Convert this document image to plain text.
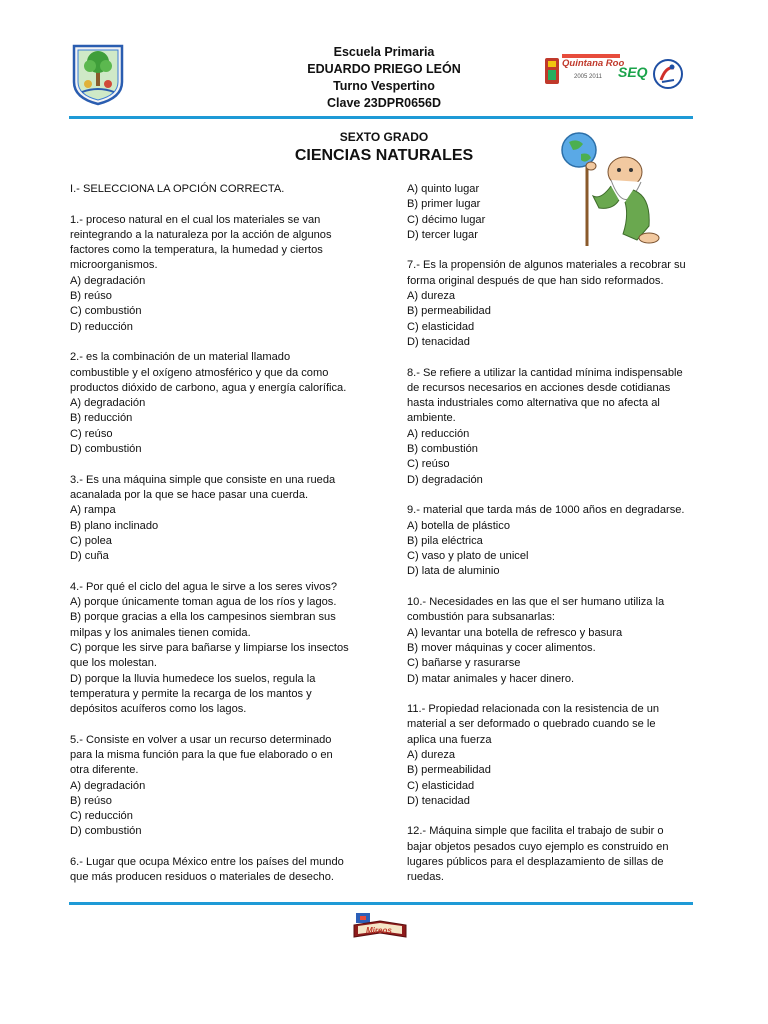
Escuela Primaria
EDUARDO PRIEGO LEÓN
Turno Vespertino
Clave 23DPR0656D
Quintana Roo
2005 2011 SEQ
SEXTO GRADO
CIENCIAS NATURALES

I.- SELECCIONA LA OPCIÓN CORRECTA.

1.- proceso natural en el cual los materiales se van
reintegrando a la naturaleza por la acción de algunos
factores como la temperatura, la humedad y ciertos
microorganismos.
A) degradación
B) reúso
C) combustión
D) reducción

2.- es la combinación de un material llamado
combustible y el oxígeno atmosférico y que da como
productos dióxido de carbono, agua y energía calorífica.
A) degradación
B) reducción
C) reúso
D) combustión

3.- Es una máquina simple que consiste en una rueda
acanalada por la que se hace pasar una cuerda.
A) rampa
B) plano inclinado
C) polea
D) cuña

4.- Por qué el ciclo del agua le sirve a los seres vivos?
A) porque únicamente toman agua de los ríos y lagos.
B) porque gracias a ella los campesinos siembran sus
milpas y los animales tienen comida.
C) porque les sirve para bañarse y limpiarse los insectos
que los molestan.
D) porque la lluvia humedece los suelos, regula la
temperatura y permite la recarga de los mantos y
depósitos acuíferos como los lagos.

5.- Consiste en volver a usar un recurso determinado
para la misma función para la que fue elaborado o en
otra diferente.
A) degradación
B) reúso
C) reducción
D) combustión

6.- Lugar que ocupa México entre los países del mundo
que más producen residuos o materiales de desecho.

A) quinto lugar
B) primer lugar
C) décimo lugar
D) tercer lugar

7.- Es la propensión de algunos materiales a recobrar su
forma original después de que han sido reformados.
A) dureza
B) permeabilidad
C) elasticidad
D) tenacidad

8.- Se refiere a utilizar la cantidad mínima indispensable
de recursos necesarios en acciones desde cotidianas
hasta industriales como alternativa que no afecta al
ambiente.
A) reducción
B) combustión
C) reúso
D) degradación

9.- material que tarda más de 1000 años en degradarse.
A) botella de plástico
B) pila eléctrica
C) vaso y plato de unicel
D) lata de aluminio

10.- Necesidades en las que el ser humano utiliza la
combustión para subsanarlas:
A) levantar una botella de refresco y basura
B) mover máquinas y cocer alimentos.
C) bañarse y rasurarse
D) matar animales y hacer dinero.

11.- Propiedad relacionada con la resistencia de un
material a ser deformado o quebrado cuando se le
aplica una fuerza
A) dureza
B) permeabilidad
C) elasticidad
D) tenacidad

12.- Máquina simple que facilita el trabajo de subir o
bajar objetos pesados cuyo ejemplo es construido en
lugares públicos para el desplazamiento de sillas de
ruedas.

Mireos
